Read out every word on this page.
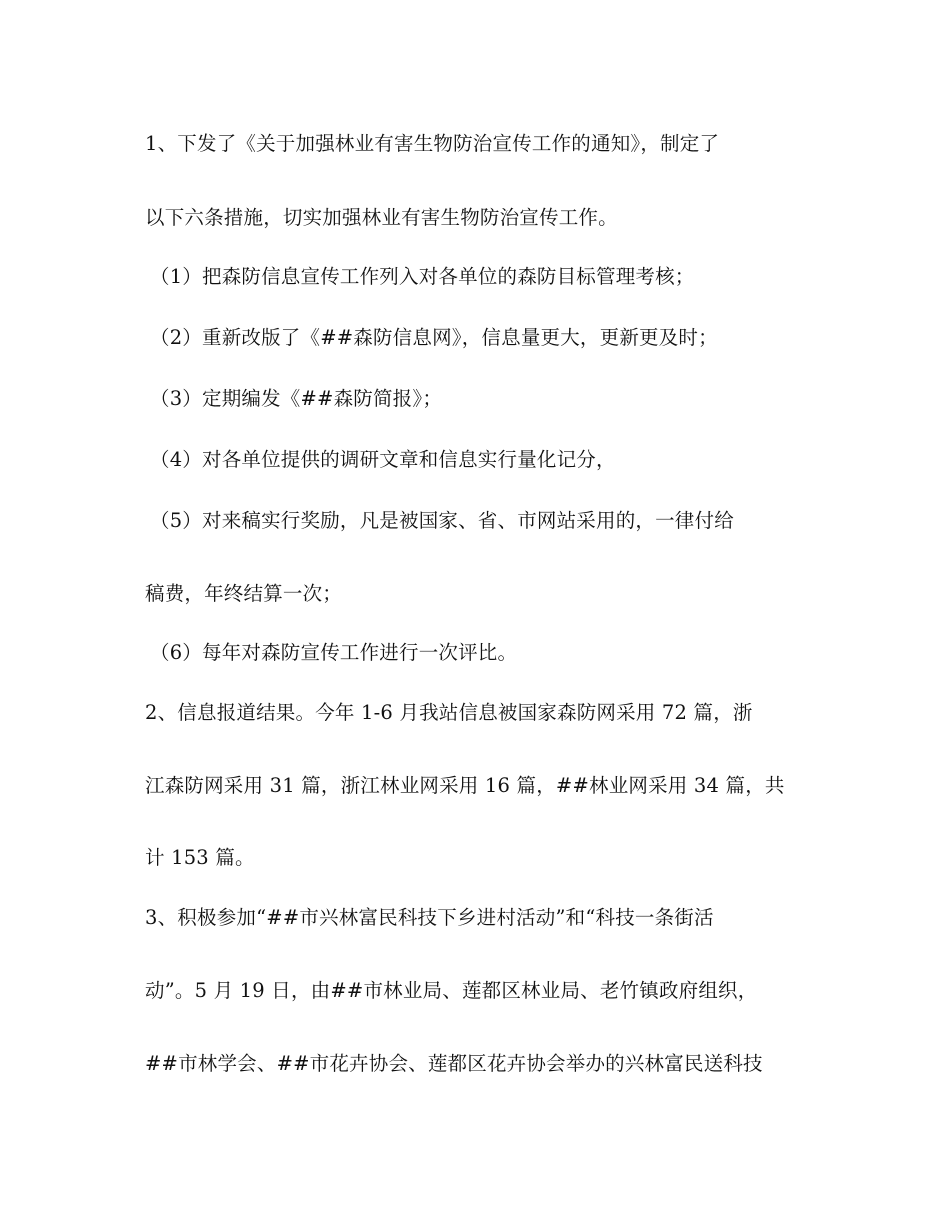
1、下发了《关于加强林业有害生物防治宣传工作的通知》，制定了
以下六条措施，切实加强林业有害生物防治宣传工作。
（1）把森防信息宣传工作列入对各单位的森防目标管理考核；
（2）重新改版了《##森防信息网》，信息量更大，更新更及时；
（3）定期编发《##森防简报》；
（4）对各单位提供的调研文章和信息实行量化记分，
（5）对来稿实行奖励，凡是被国家、省、市网站采用的，一律付给
稿费，年终结算一次；
（6）每年对森防宣传工作进行一次评比。
2、信息报道结果。今年 1-6 月我站信息被国家森防网采用 72 篇，浙
江森防网采用 31 篇，浙江林业网采用 16 篇，##林业网采用 34 篇，共
计 153 篇。
3、积极参加“##市兴林富民科技下乡进村活动”和“科技一条街活
动”。5 月 19 日，由##市林业局、莲都区林业局、老竹镇政府组织，
##市林学会、##市花卉协会、莲都区花卉协会举办的兴林富民送科技
